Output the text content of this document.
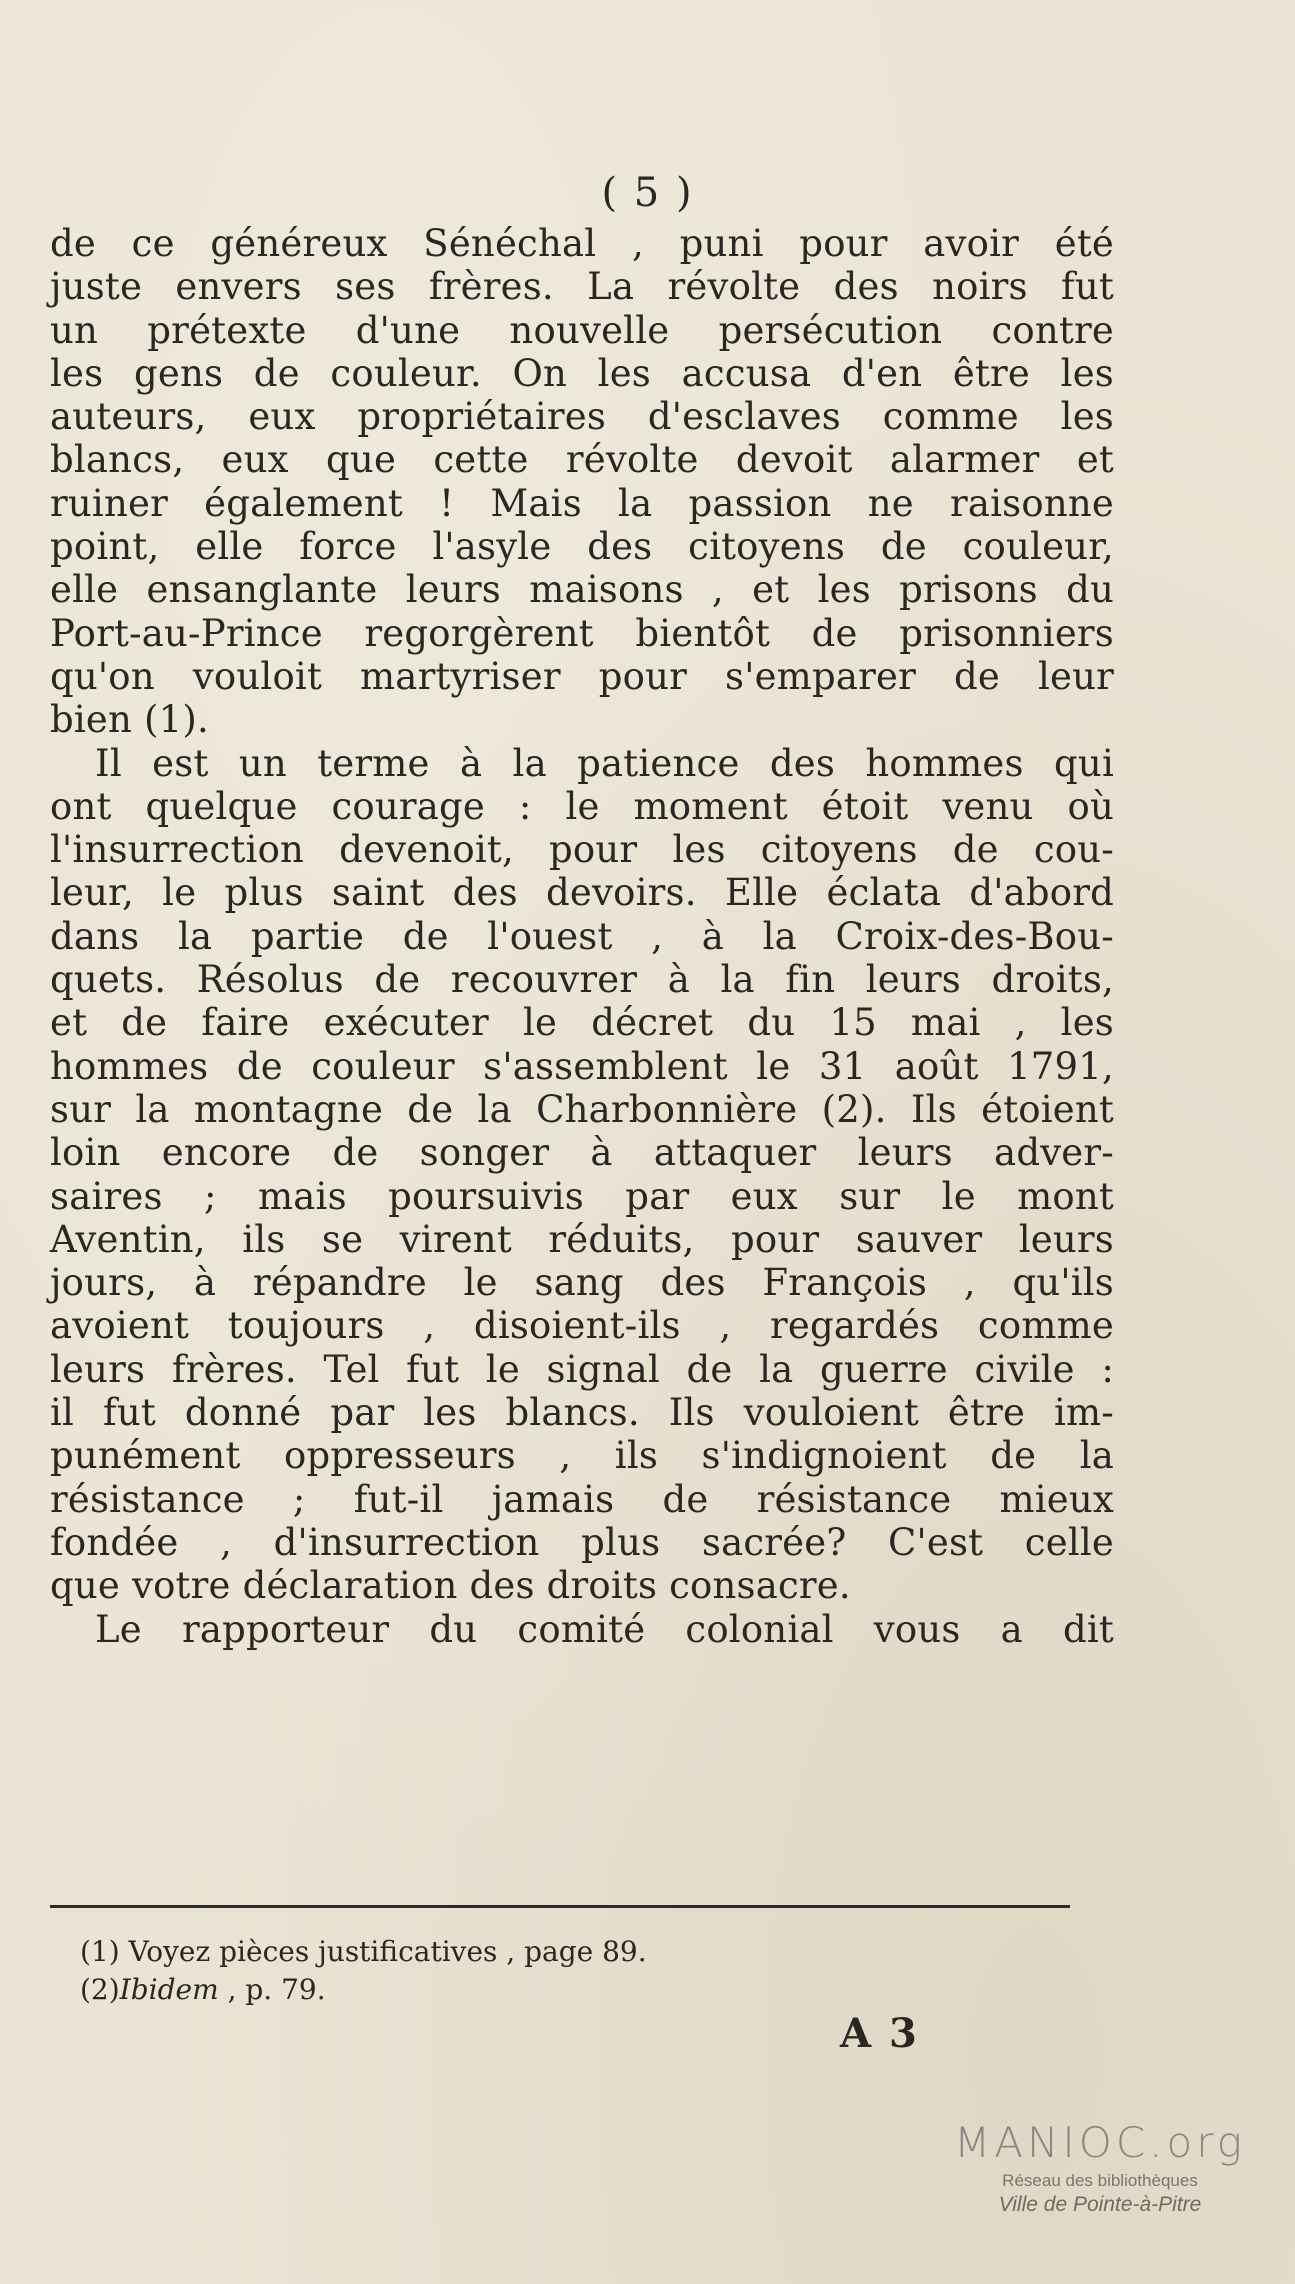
( 5 )
de ce généreux Sénéchal , puni pour avoir été
juste envers ses frères. La révolte des noirs fut
un prétexte d'une nouvelle persécution contre
les gens de couleur. On les accusa d'en être les
auteurs, eux propriétaires d'esclaves comme les
blancs, eux que cette révolte devoit alarmer et
ruiner également ! Mais la passion ne raisonne
point, elle force l'asyle des citoyens de couleur,
elle ensanglante leurs maisons , et les prisons du
Port-au-Prince regorgèrent bientôt de prisonniers
qu'on vouloit martyriser pour s'emparer de leur
bien (1).
Il est un terme à la patience des hommes qui
ont quelque courage : le moment étoit venu où
l'insurrection devenoit, pour les citoyens de cou-
leur, le plus saint des devoirs. Elle éclata d'abord
dans la partie de l'ouest , à la Croix-des-Bou-
quets. Résolus de recouvrer à la fin leurs droits,
et de faire exécuter le décret du 15 mai , les
hommes de couleur s'assemblent le 31 août 1791,
sur la montagne de la Charbonnière (2). Ils étoient
loin encore de songer à attaquer leurs adver-
saires ; mais poursuivis par eux sur le mont
Aventin, ils se virent réduits, pour sauver leurs
jours, à répandre le sang des François , qu'ils
avoient toujours , disoient-ils , regardés comme
leurs frères. Tel fut le signal de la guerre civile :
il fut donné par les blancs. Ils vouloient être im-
punément oppresseurs , ils s'indignoient de la
résistance ; fut-il jamais de résistance mieux
fondée , d'insurrection plus sacrée? C'est celle
que votre déclaration des droits consacre.
Le rapporteur du comité colonial vous a dit
(1) Voyez pièces justificatives , page 89.
(2)Ibidem , p. 79.
A 3
MANIOC.org
Réseau des bibliothèques
Ville de Pointe-à-Pitre
